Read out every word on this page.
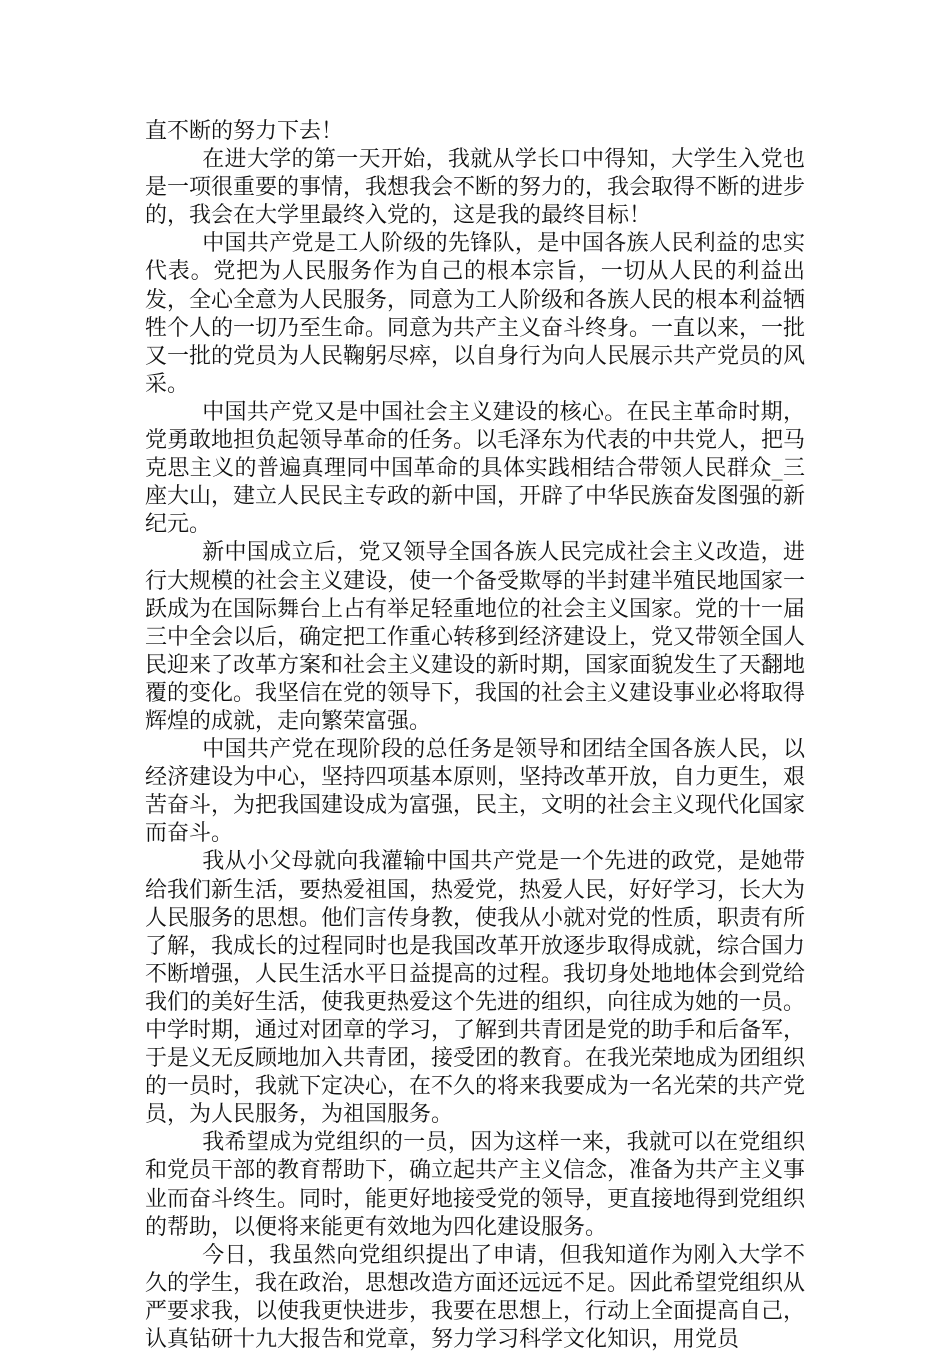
直不断的努力下去！

在进大学的第一天开始，我就从学长口中得知，大学生入党也是一项很重要的事情，我想我会不断的努力的，我会取得不断的进步的，我会在大学里最终入党的，这是我的最终目标！

中国共产党是工人阶级的先锋队，是中国各族人民利益的忠实代表。党把为人民服务作为自己的根本宗旨，一切从人民的利益出发，全心全意为人民服务，同意为工人阶级和各族人民的根本利益牺牲个人的一切乃至生命。同意为共产主义奋斗终身。一直以来，一批又一批的党员为人民鞠躬尽瘁，以自身行为向人民展示共产党员的风采。

中国共产党又是中国社会主义建设的核心。在民主革命时期，党勇敢地担负起领导革命的任务。以毛泽东为代表的中共党人，把马克思主义的普遍真理同中国革命的具体实践相结合带领人民群众_三座大山，建立人民民主专政的新中国，开辟了中华民族奋发图强的新纪元。

新中国成立后，党又领导全国各族人民完成社会主义改造，进行大规模的社会主义建设，使一个备受欺辱的半封建半殖民地国家一跃成为在国际舞台上占有举足轻重地位的社会主义国家。党的十一届三中全会以后，确定把工作重心转移到经济建设上，党又带领全国人民迎来了改革方案和社会主义建设的新时期，国家面貌发生了天翻地覆的变化。我坚信在党的领导下，我国的社会主义建设事业必将取得辉煌的成就，走向繁荣富强。

中国共产党在现阶段的总任务是领导和团结全国各族人民，以经济建设为中心，坚持四项基本原则，坚持改革开放，自力更生，艰苦奋斗，为把我国建设成为富强，民主，文明的社会主义现代化国家而奋斗。

我从小父母就向我灌输中国共产党是一个先进的政党，是她带给我们新生活，要热爱祖国，热爱党，热爱人民，好好学习，长大为人民服务的思想。他们言传身教，使我从小就对党的性质，职责有所了解，我成长的过程同时也是我国改革开放逐步取得成就，综合国力不断增强，人民生活水平日益提高的过程。我切身处地地体会到党给我们的美好生活，使我更热爱这个先进的组织，向往成为她的一员。中学时期，通过对团章的学习，了解到共青团是党的助手和后备军，于是义无反顾地加入共青团，接受团的教育。在我光荣地成为团组织的一员时，我就下定决心，在不久的将来我要成为一名光荣的共产党员，为人民服务，为祖国服务。

我希望成为党组织的一员，因为这样一来，我就可以在党组织和党员干部的教育帮助下，确立起共产主义信念，准备为共产主义事业而奋斗终生。同时，能更好地接受党的领导，更直接地得到党组织的帮助，以便将来能更有效地为四化建设服务。

今日，我虽然向党组织提出了申请，但我知道作为刚入大学不久的学生，我在政治，思想改造方面还远远不足。因此希望党组织从严要求我，以使我更快进步，我要在思想上，行动上全面提高自己，认真钻研十九大报告和党章，努力学习科学文化知识，用党员
